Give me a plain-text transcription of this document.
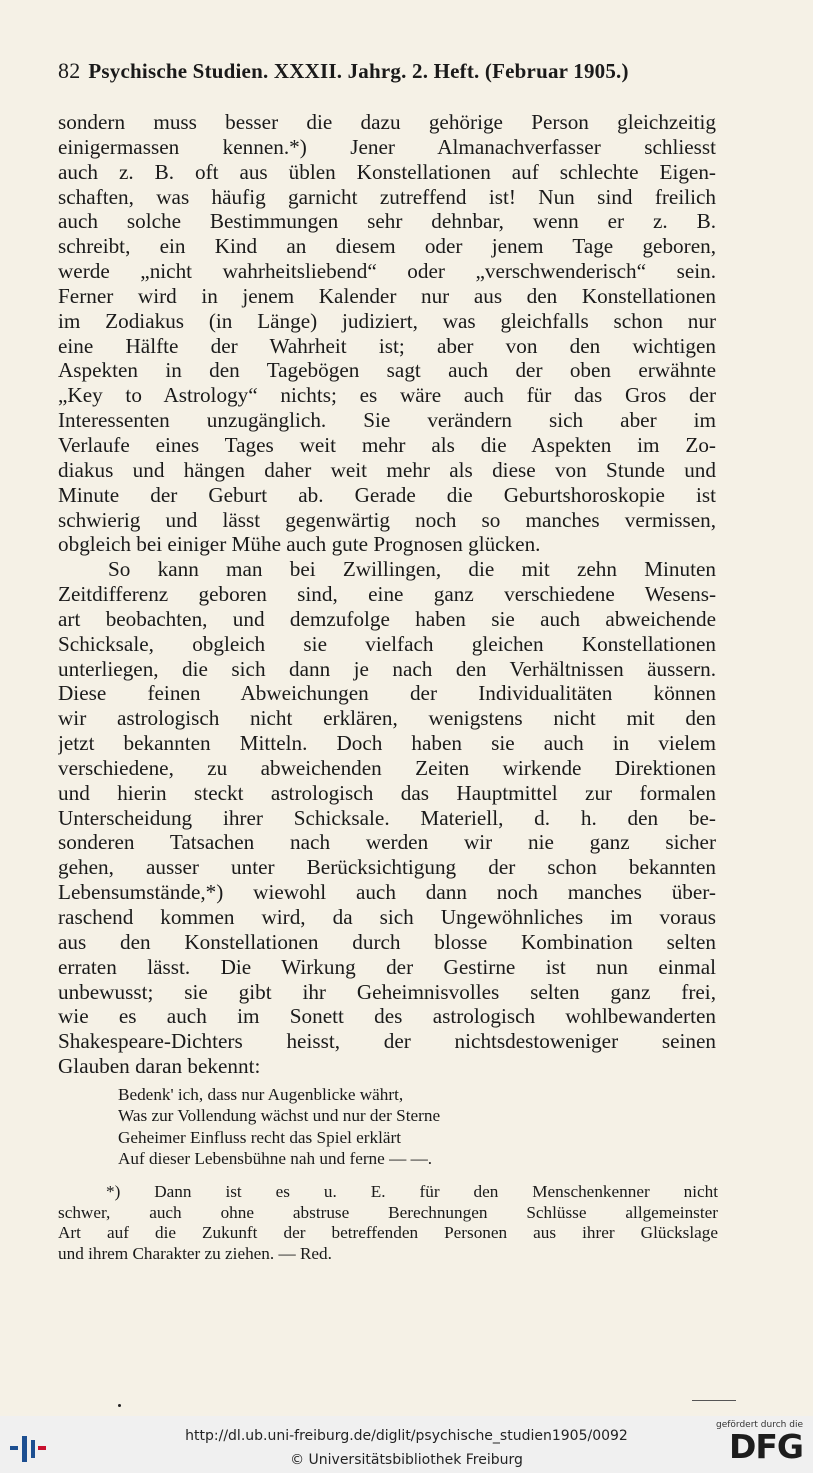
82 Psychische Studien. XXXII. Jahrg. 2. Heft. (Februar 1905.)
sondern muss besser die dazu gehörige Person gleichzeitig
einigermassen kennen.*) Jener Almanachverfasser schliesst
auch z. B. oft aus üblen Konstellationen auf schlechte Eigen-
schaften, was häufig garnicht zutreffend ist! Nun sind freilich
auch solche Bestimmungen sehr dehnbar, wenn er z. B.
schreibt, ein Kind an diesem oder jenem Tage geboren,
werde „nicht wahrheitsliebend“ oder „verschwenderisch“ sein.
Ferner wird in jenem Kalender nur aus den Konstellationen
im Zodiakus (in Länge) judiziert, was gleichfalls schon nur
eine Hälfte der Wahrheit ist; aber von den wichtigen
Aspekten in den Tagebögen sagt auch der oben erwähnte
„Key to Astrology“ nichts; es wäre auch für das Gros der
Interessenten unzugänglich. Sie verändern sich aber im
Verlaufe eines Tages weit mehr als die Aspekten im Zo-
diakus und hängen daher weit mehr als diese von Stunde und
Minute der Geburt ab. Gerade die Geburtshoroskopie ist
schwierig und lässt gegenwärtig noch so manches vermissen,
obgleich bei einiger Mühe auch gute Prognosen glücken.
So kann man bei Zwillingen, die mit zehn Minuten
Zeitdifferenz geboren sind, eine ganz verschiedene Wesens-
art beobachten, und demzufolge haben sie auch abweichende
Schicksale, obgleich sie vielfach gleichen Konstellationen
unterliegen, die sich dann je nach den Verhältnissen äussern.
Diese feinen Abweichungen der Individualitäten können
wir astrologisch nicht erklären, wenigstens nicht mit den
jetzt bekannten Mitteln. Doch haben sie auch in vielem
verschiedene, zu abweichenden Zeiten wirkende Direktionen
und hierin steckt astrologisch das Hauptmittel zur formalen
Unterscheidung ihrer Schicksale. Materiell, d. h. den be-
sonderen Tatsachen nach werden wir nie ganz sicher
gehen, ausser unter Berücksichtigung der schon bekannten
Lebensumstände,*) wiewohl auch dann noch manches über-
raschend kommen wird, da sich Ungewöhnliches im voraus
aus den Konstellationen durch blosse Kombination selten
erraten lässt. Die Wirkung der Gestirne ist nun einmal
unbewusst; sie gibt ihr Geheimnisvolles selten ganz frei,
wie es auch im Sonett des astrologisch wohlbewanderten
Shakespeare-Dichters heisst, der nichtsdestoweniger seinen
Glauben daran bekennt:
Bedenk' ich, dass nur Augenblicke währt,
Was zur Vollendung wächst und nur der Sterne
Geheimer Einfluss recht das Spiel erklärt
Auf dieser Lebensbühne nah und ferne — —.
*) Dann ist es u. E. für den Menschenkenner nicht
schwer, auch ohne abstruse Berechnungen Schlüsse allgemeinster
Art auf die Zukunft der betreffenden Personen aus ihrer Glückslage
und ihrem Charakter zu ziehen. — Red.
http://dl.ub.uni-freiburg.de/diglit/psychische_studien1905/0092
© Universitätsbibliothek Freiburg
gefördert durch die
DFG
